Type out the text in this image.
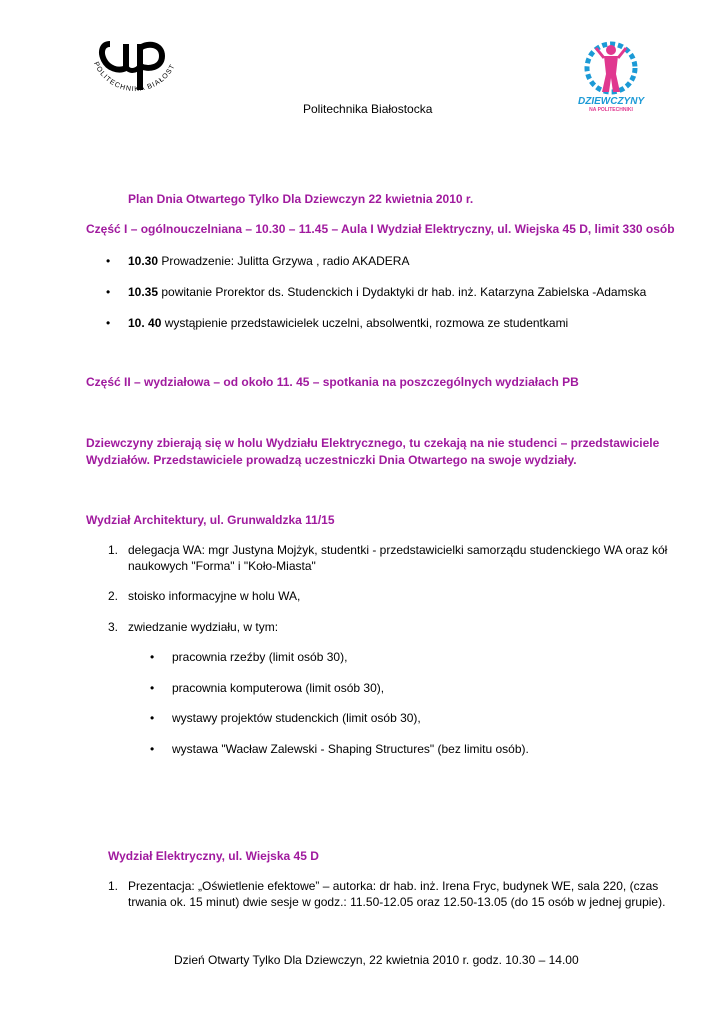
POLITECHNIKA BIAŁOST
DZIEWCZYNY
NA POLITECHNIKI
Politechnika Białostocka
Plan Dnia Otwartego Tylko Dla Dziewczyn 22 kwietnia 2010 r.
Część I – ogólnouczelniana – 10.30 – 11.45 – Aula I Wydział Elektryczny, ul. Wiejska 45 D, limit 330 osób
• 10.30 Prowadzenie: Julitta Grzywa , radio AKADERA
• 10.35 powitanie Prorektor ds. Studenckich i Dydaktyki dr hab. inż. Katarzyna Zabielska -Adamska
• 10. 40 wystąpienie przedstawicielek uczelni, absolwentki, rozmowa ze studentkami
Część II – wydziałowa – od około 11. 45 – spotkania na poszczególnych wydziałach PB
Dziewczyny zbierają się w holu Wydziału Elektrycznego, tu czekają na nie studenci – przedstawiciele
Wydziałów. Przedstawiciele prowadzą uczestniczki Dnia Otwartego na swoje wydziały.
Wydział Architektury, ul. Grunwaldzka 11/15
1. delegacja WA: mgr Justyna Mojżyk, studentki - przedstawicielki samorządu studenckiego WA oraz kół
naukowych "Forma" i "Koło-Miasta"
2. stoisko informacyjne w holu WA,
3. zwiedzanie wydziału, w tym:
• pracownia rzeźby (limit osób 30),
• pracownia komputerowa (limit osób 30),
• wystawy projektów studenckich (limit osób 30),
• wystawa "Wacław Zalewski - Shaping Structures" (bez limitu osób).
Wydział Elektryczny, ul. Wiejska 45 D
1. Prezentacja: „Oświetlenie efektowe” – autorka: dr hab. inż. Irena Fryc, budynek WE, sala 220, (czas
trwania ok. 15 minut) dwie sesje w godz.: 11.50-12.05 oraz 12.50-13.05 (do 15 osób w jednej grupie).
Dzień Otwarty Tylko Dla Dziewczyn, 22 kwietnia 2010 r. godz. 10.30 – 14.00
